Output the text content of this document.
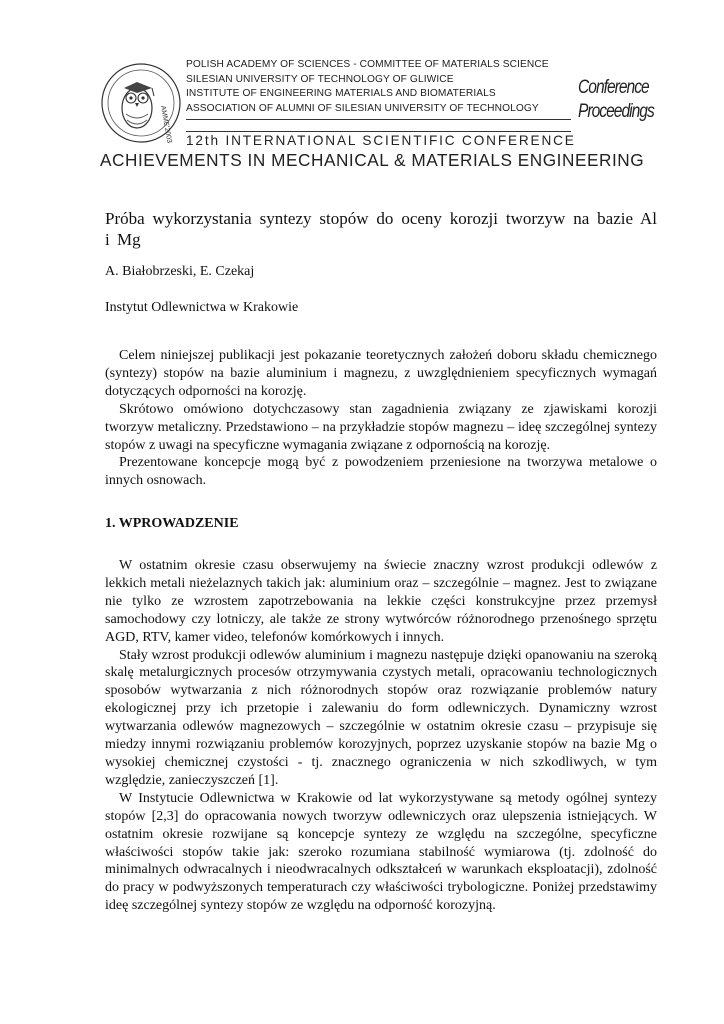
AMME'2003
POLISH ACADEMY OF SCIENCES - COMMITTEE OF MATERIALS SCIENCE
SILESIAN UNIVERSITY OF TECHNOLOGY OF GLIWICE
INSTITUTE OF ENGINEERING MATERIALS AND BIOMATERIALS
ASSOCIATION OF ALUMNI OF SILESIAN UNIVERSITY OF TECHNOLOGY
Conference
Proceedings
12th INTERNATIONAL SCIENTIFIC CONFERENCE
ACHIEVEMENTS IN MECHANICAL & MATERIALS ENGINEERING
Próba wykorzystania syntezy stopów do oceny korozji tworzyw na bazie Al i Mg
A. Białobrzeski, E. Czekaj
Instytut Odlewnictwa w Krakowie

Celem niniejszej publikacji jest pokazanie teoretycznych założeń doboru składu chemicznego (syntezy) stopów na bazie aluminium i magnezu, z uwzględnieniem specyficznych wymagań dotyczących odporności na korozję.

Skrótowo omówiono dotychczasowy stan zagadnienia związany ze zjawiskami korozji tworzyw metaliczny. Przedstawiono – na przykładzie stopów magnezu – ideę szczególnej syntezy stopów z uwagi na specyficzne wymagania związane z odpornością na korozję.

Prezentowane koncepcje mogą być z powodzeniem przeniesione na tworzywa metalowe o innych osnowach.

1. WPROWADZENIE

W ostatnim okresie czasu obserwujemy na świecie znaczny wzrost produkcji odlewów z lekkich metali nieżelaznych takich jak: aluminium oraz – szczególnie – magnez. Jest to związane nie tylko ze wzrostem zapotrzebowania na lekkie części konstrukcyjne przez przemysł samochodowy czy lotniczy, ale także ze strony wytwórców różnorodnego przenośnego sprzętu AGD, RTV, kamer video, telefonów komórkowych i innych.

Stały wzrost produkcji odlewów aluminium i magnezu następuje dzięki opanowaniu na szeroką skalę metalurgicznych procesów otrzymywania czystych metali, opracowaniu technologicznych sposobów wytwarzania z nich różnorodnych stopów oraz rozwiązanie problemów natury ekologicznej przy ich przetopie i zalewaniu do form odlewniczych. Dynamiczny wzrost wytwarzania odlewów magnezowych – szczególnie w ostatnim okresie czasu – przypisuje się miedzy innymi rozwiązaniu problemów korozyjnych, poprzez uzyskanie stopów na bazie Mg o wysokiej chemicznej czystości - tj. znacznego ograniczenia w nich szkodliwych, w tym względzie, zanieczyszczeń [1].

W Instytucie Odlewnictwa w Krakowie od lat wykorzystywane są metody ogólnej syntezy stopów [2,3] do opracowania nowych tworzyw odlewniczych oraz ulepszenia istniejących. W ostatnim okresie rozwijane są koncepcje syntezy ze względu na szczególne, specyficzne właściwości stopów takie jak: szeroko rozumiana stabilność wymiarowa (tj. zdolność do minimalnych odwracalnych i nieodwracalnych odkształceń w warunkach eksploatacji), zdolność do pracy w podwyższonych temperaturach czy właściwości trybologiczne. Poniżej przedstawimy ideę szczególnej syntezy stopów ze względu na odporność korozyjną.
